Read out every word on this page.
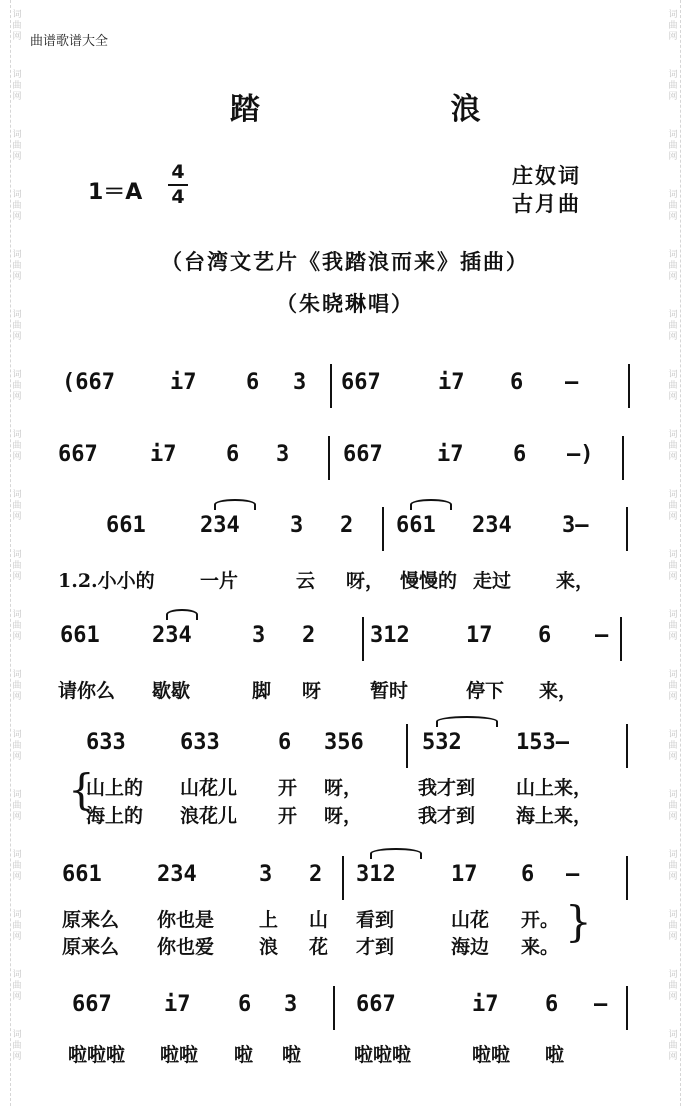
词
曲
网
词
曲
网
词
曲
网
词
曲
网
词
曲
网
词
曲
网
词
曲
网
词
曲
网
词
曲
网
词
曲
网
词
曲
网
词
曲
网
词
曲
网
词
曲
网
词
曲
网
词
曲
网
词
曲
网
词
曲
网
词
曲
网
词
曲
网
词
曲
网
词
曲
网
词
曲
网
词
曲
网
词
曲
网
词
曲
网
词
曲
网
词
曲
网
词
曲
网
词
曲
网
词
曲
网
词
曲
网
词
曲
网
词
曲
网
词
曲
网
词
曲
网
曲谱歌谱大全
踏 浪
1＝A
4
4
庄奴词
古月曲
（台湾文艺片《我踏浪而来》插曲）
（朱晓琳唱）
(667	i7 6 3 667	i7 6 —
667 i7 6 3 667 i7 6 —)
661 234 3 2 661 234 3—
1.2.小小的 一片	云 呀， 慢慢的 走过 来，
661 234	3 2 312	17 6 —
请你么 歇歇	脚 呀	暂时	停下 来，
633 633	6 356	532 153—
山上的 山花儿 开 呀，	我才到 山上来，
海上的 浪花儿 开 呀，	我才到 海上来，
{
661	234	3 2 312	17 6 —
原来么 你也是 上 山 看到	山花 开。
原来么 你也爱 浪 花 才到	海边 来。
}
667 i7 6 3	667	i7 6 —
啦啦啦 啦啦 啦 啦	啦啦啦	啦啦 啦
